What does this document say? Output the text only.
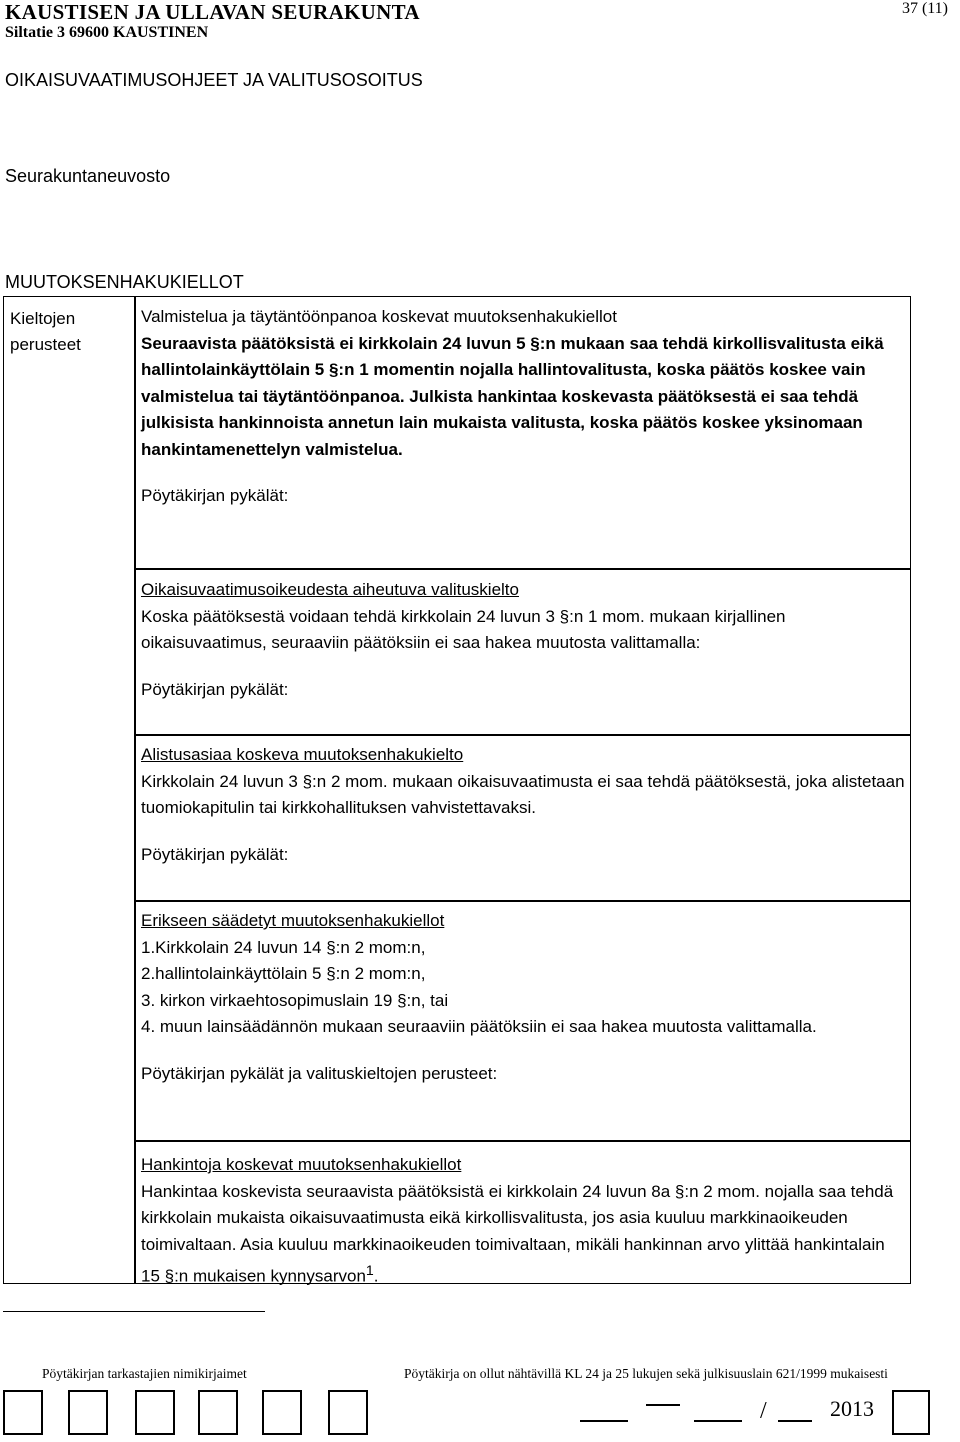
KAUSTISEN JA ULLAVAN SEURAKUNTA
Siltatie 3 69600 KAUSTINEN
37 (11)
OIKAISUVAATIMUSOHJEET JA VALITUSOSOITUS
Seurakuntaneuvosto
MUUTOKSENHAKUKIELLOT
Kieltojen
perusteet

Valmistelua ja täytäntöönpanoa koskevat muutoksenhakukiellot

Seuraavista päätöksistä ei kirkkolain 24 luvun 5 §:n mukaan saa tehdä kirkollisvalitusta eikä hallintolainkäyttölain 5 §:n 1 momentin nojalla hallintovalitusta, koska päätös koskee vain valmistelua tai täytäntöönpanoa. Julkista hankintaa koskevasta päätöksestä ei saa tehdä julkisista hankinnoista annetun lain mukaista valitusta, koska päätös koskee yksinomaan hankintamenettelyn valmistelua.

Pöytäkirjan pykälät:

Oikaisuvaatimusoikeudesta aiheutuva valituskielto

Koska päätöksestä voidaan tehdä kirkkolain 24 luvun 3 §:n 1 mom. mukaan kirjallinen oikaisuvaatimus, seuraaviin päätöksiin ei saa hakea muutosta valittamalla:

Pöytäkirjan pykälät:

Alistusasiaa koskeva muutoksenhakukielto

Kirkkolain 24 luvun 3 §:n 2 mom. mukaan oikaisuvaatimusta ei saa tehdä päätöksestä, joka alistetaan tuomiokapitulin tai kirkkohallituksen vahvistettavaksi.

Pöytäkirjan pykälät:

Erikseen säädetyt muutoksenhakukiellot

1.Kirkkolain 24 luvun 14 §:n 2 mom:n,
2.hallintolainkäyttölain 5 §:n 2 mom:n,
3. kirkon virkaehtosopimuslain 19 §:n, tai
4. muun lainsäädännön mukaan seuraaviin päätöksiin ei saa hakea muutosta valittamalla.

Pöytäkirjan pykälät ja valituskieltojen perusteet:

Hankintoja koskevat muutoksenhakukiellot

Hankintaa koskevista seuraavista päätöksistä ei kirkkolain 24 luvun 8a §:n 2 mom. nojalla saa tehdä kirkkolain mukaista oikaisuvaatimusta eikä kirkollisvalitusta, jos asia kuuluu markkinaoikeuden toimivaltaan. Asia kuuluu markkinaoikeuden toimivaltaan, mikäli hankinnan arvo ylittää hankintalain 15 §:n mukaisen kynnysarvon$^1$.

Pöytäkirjan tarkastajien nimikirjaimet	Pöytäkirja on ollut nähtävillä KL 24 ja 25 lukujen sekä julkisuuslain 621/1999 mukaisesti
/	2013
